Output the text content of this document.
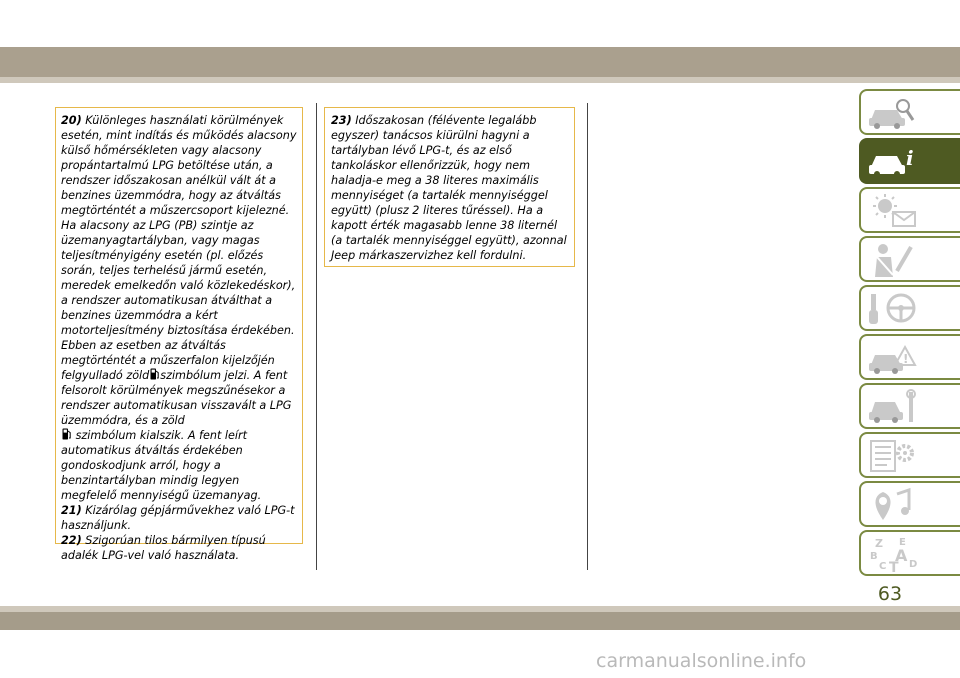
20) Különleges használati körülmények esetén, mint indítás és működés alacsony külső hőmérsékleten vagy alacsony propántartalmú LPG betöltése után, a rendszer időszakosan anélkül vált át a benzines üzemmódra, hogy az átváltás megtörténtét a műszercsoport kijelezné. Ha alacsony az LPG (PB) szintje az üzemanyagtartályban, vagy magas teljesítményigény esetén (pl. előzés során, teljes terhelésű jármű esetén, meredek emelkedőn való közlekedéskor), a rendszer automatikusan átválthat a benzines üzemmódra a kért motorteljesítmény biztosítása érdekében. Ebben az esetben az átváltás megtörténtét a műszerfalon kijelzőjén felgyulladó zöld szimbólum jelzi. A fent felsorolt körülmények megszűnésekor a rendszer automatikusan visszavált a LPG üzemmódra, és a zöld
szimbólum kialszik. A fent leírt automatikus átváltás érdekében gondoskodjunk arról, hogy a benzintartályban mindig legyen megfelelő mennyiségű üzemanyag.

21) Kizárólag gépjárművekhez való LPG-t használjunk.

22) Szigorúan tilos bármilyen típusú adalék LPG-vel való használata.

23) Időszakosan (félévente legalább egyszer) tanácsos kiürülni hagyni a tartályban lévő LPG-t, és az első tankoláskor ellenőrizzük, hogy nem haladja-e meg a 38 literes maximális mennyiséget (a tartalék mennyiséggel együtt) (plusz 2 literes tűréssel). Ha a kapott érték magasabb lenne 38 liternél (a tartalék mennyiséggel együtt), azonnal Jeep márkaszervizhez kell fordulni.

i
!
Z E
B A
C T D
63
carmanualsonline.info
